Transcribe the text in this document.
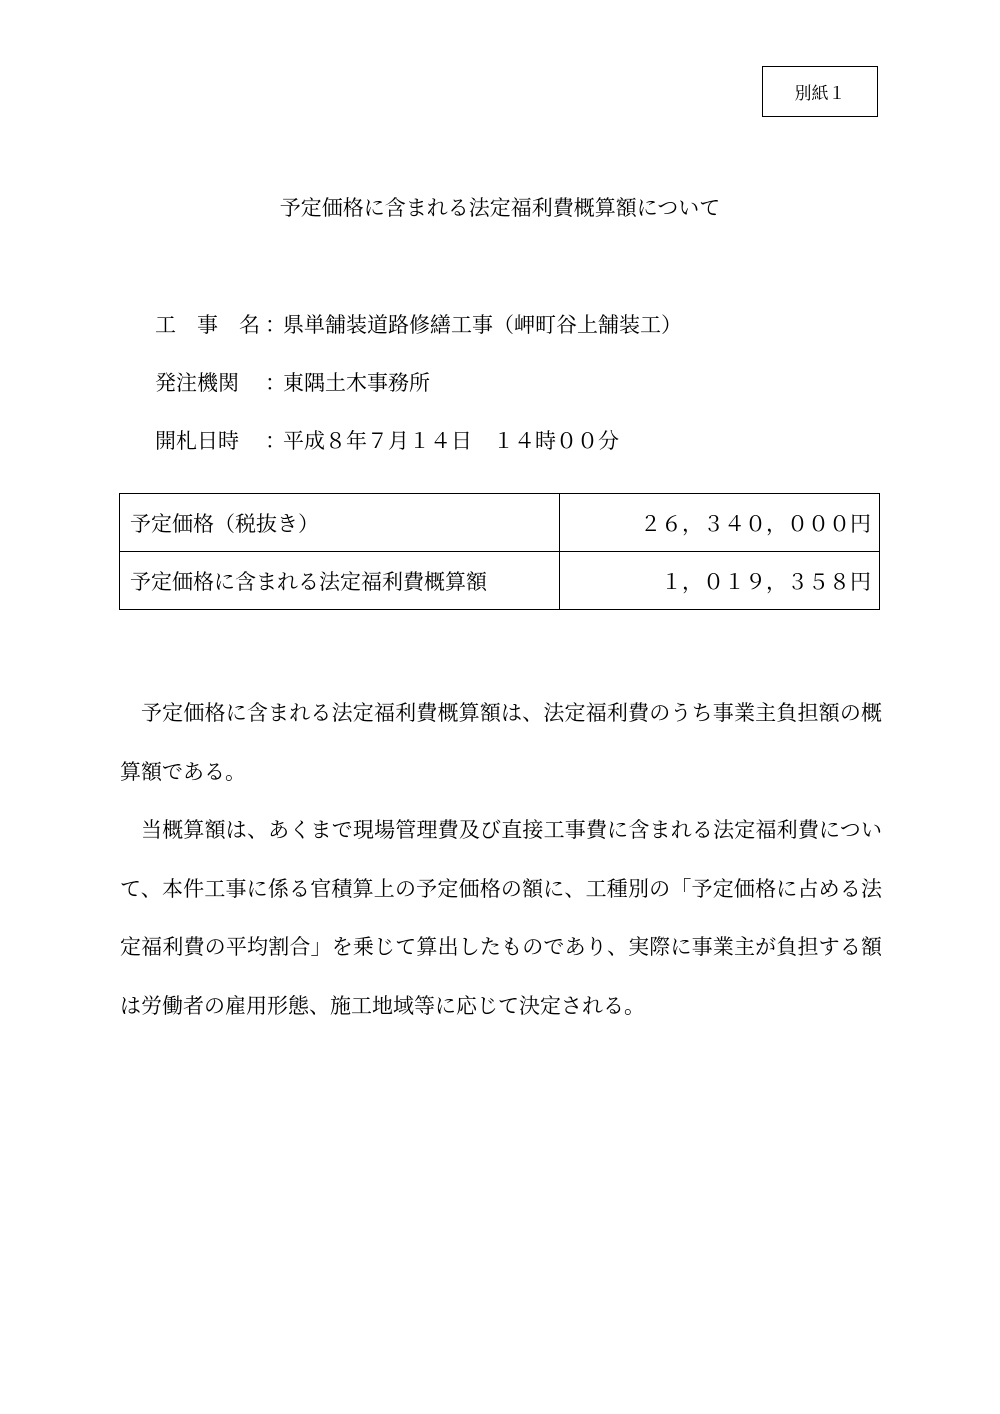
別紙１
予定価格に含まれる法定福利費概算額について
工　事　名 ：県単舗装道路修繕工事（岬町谷上舗装工）
発注機関 ：東隅土木事務所
開札日時 ：平成８年７月１４日　１４時００分
予定価格（税抜き）	２６，３４０，０００円
予定価格に含まれる法定福利費概算額	１，０１９，３５８円

予定価格に含まれる法定福利費概算額は、法定福利費のうち事業主負担額の概算額である。

当概算額は、あくまで現場管理費及び直接工事費に含まれる法定福利費について、本件工事に係る官積算上の予定価格の額に、工種別の「予定価格に占める法定福利費の平均割合」を乗じて算出したものであり、実際に事業主が負担する額は労働者の雇用形態、施工地域等に応じて決定される。
